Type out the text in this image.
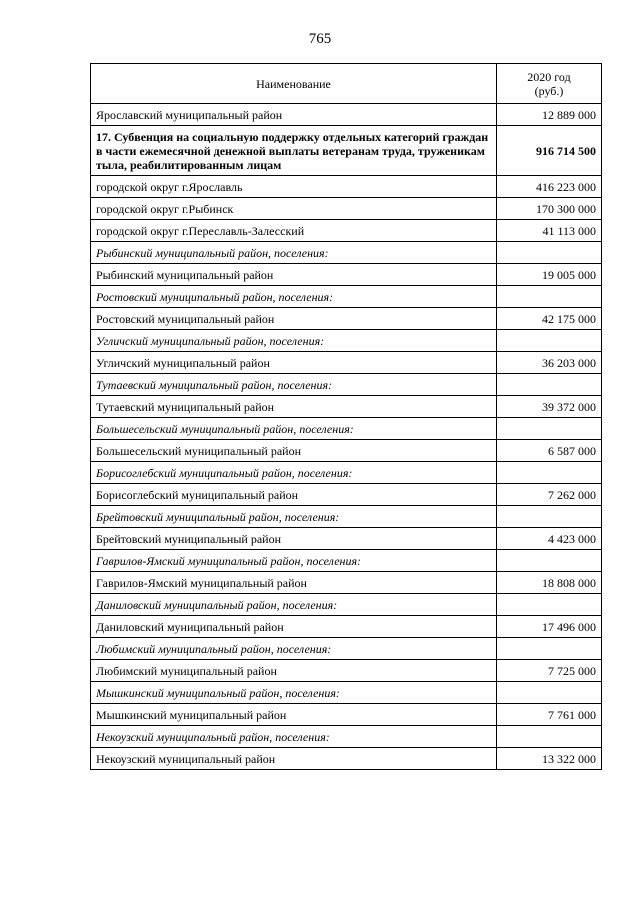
765
Наименование	2020 год
(руб.)
Ярославский муниципальный район	12 889 000
17. Субвенция на социальную поддержку отдельных категорий граждан в части ежемесячной денежной выплаты ветеранам труда, труженикам тыла, реабилитированным лицам	916 714 500
городской округ г.Ярославль	416 223 000
городской округ г.Рыбинск	170 300 000
городской округ г.Переславль-Залесский	41 113 000
Рыбинский муниципальный район, поселения:	
Рыбинский муниципальный район	19 005 000
Ростовский муниципальный район, поселения:	
Ростовский муниципальный район	42 175 000
Угличский муниципальный район, поселения:	
Угличский муниципальный район	36 203 000
Тутаевский муниципальный район, поселения:	
Тутаевский муниципальный район	39 372 000
Большесельский муниципальный район, поселения:	
Большесельский муниципальный район	6 587 000
Борисоглебский муниципальный район, поселения:	
Борисоглебский муниципальный район	7 262 000
Брейтовский муниципальный район, поселения:	
Брейтовский муниципальный район	4 423 000
Гаврилов-Ямский муниципальный район, поселения:	
Гаврилов-Ямский муниципальный район	18 808 000
Даниловский муниципальный район, поселения:	
Даниловский муниципальный район	17 496 000
Любимский муниципальный район, поселения:	
Любимский муниципальный район	7 725 000
Мышкинский муниципальный район, поселения:	
Мышкинский муниципальный район	7 761 000
Некоузский муниципальный район, поселения:	
Некоузский муниципальный район	13 322 000
